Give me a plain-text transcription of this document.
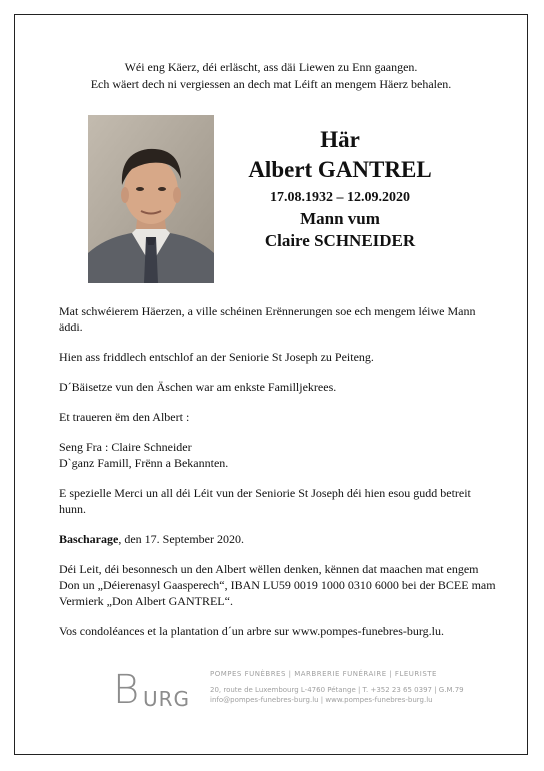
Wéi eng Käerz, déi erläscht, ass däi Liewen zu Enn gaangen.
Ech wäert dech ni vergiessen an dech mat Léift an mengem Häerz behalen.
Här
Albert GANTREL
17.08.1932 – 12.09.2020
Mann vum
Claire SCHNEIDER

Mat schwéierem Häerzen, a ville schéinen Erënnerungen soe ech mengem léiwe Mann äddi.

Hien ass friddlech entschlof an der Seniorie St Joseph zu Peiteng.

D´Bäisetze vun den Äschen war am enkste Familljekrees.

Et traueren ëm den Albert :

Seng Fra : Claire Schneider
D`ganz Famill, Frënn a Bekannten.

E spezielle Merci un all déi Léit vun der Seniorie St Joseph déi hien esou gudd betreit hunn.

Bascharage, den 17. September 2020.

Déi Leit, déi besonnesch un den Albert wëllen denken, kënnen dat maachen mat engem Don un „Déierenasyl Gaasperech“, IBAN LU59 0019 1000 0310 6000 bei der BCEE mam Vermierk „Don Albert GANTREL“.

Vos condoléances et la plantation d´un arbre sur www.pompes-funebres-burg.lu.

B URG
POMPES FUNÈBRES | MARBRERIE FUNÉRAIRE | FLEURISTE
20, route de Luxembourg L-4760 Pétange | T. +352 23 65 0397 | G.M.79
info@pompes-funebres-burg.lu | www.pompes-funebres-burg.lu
